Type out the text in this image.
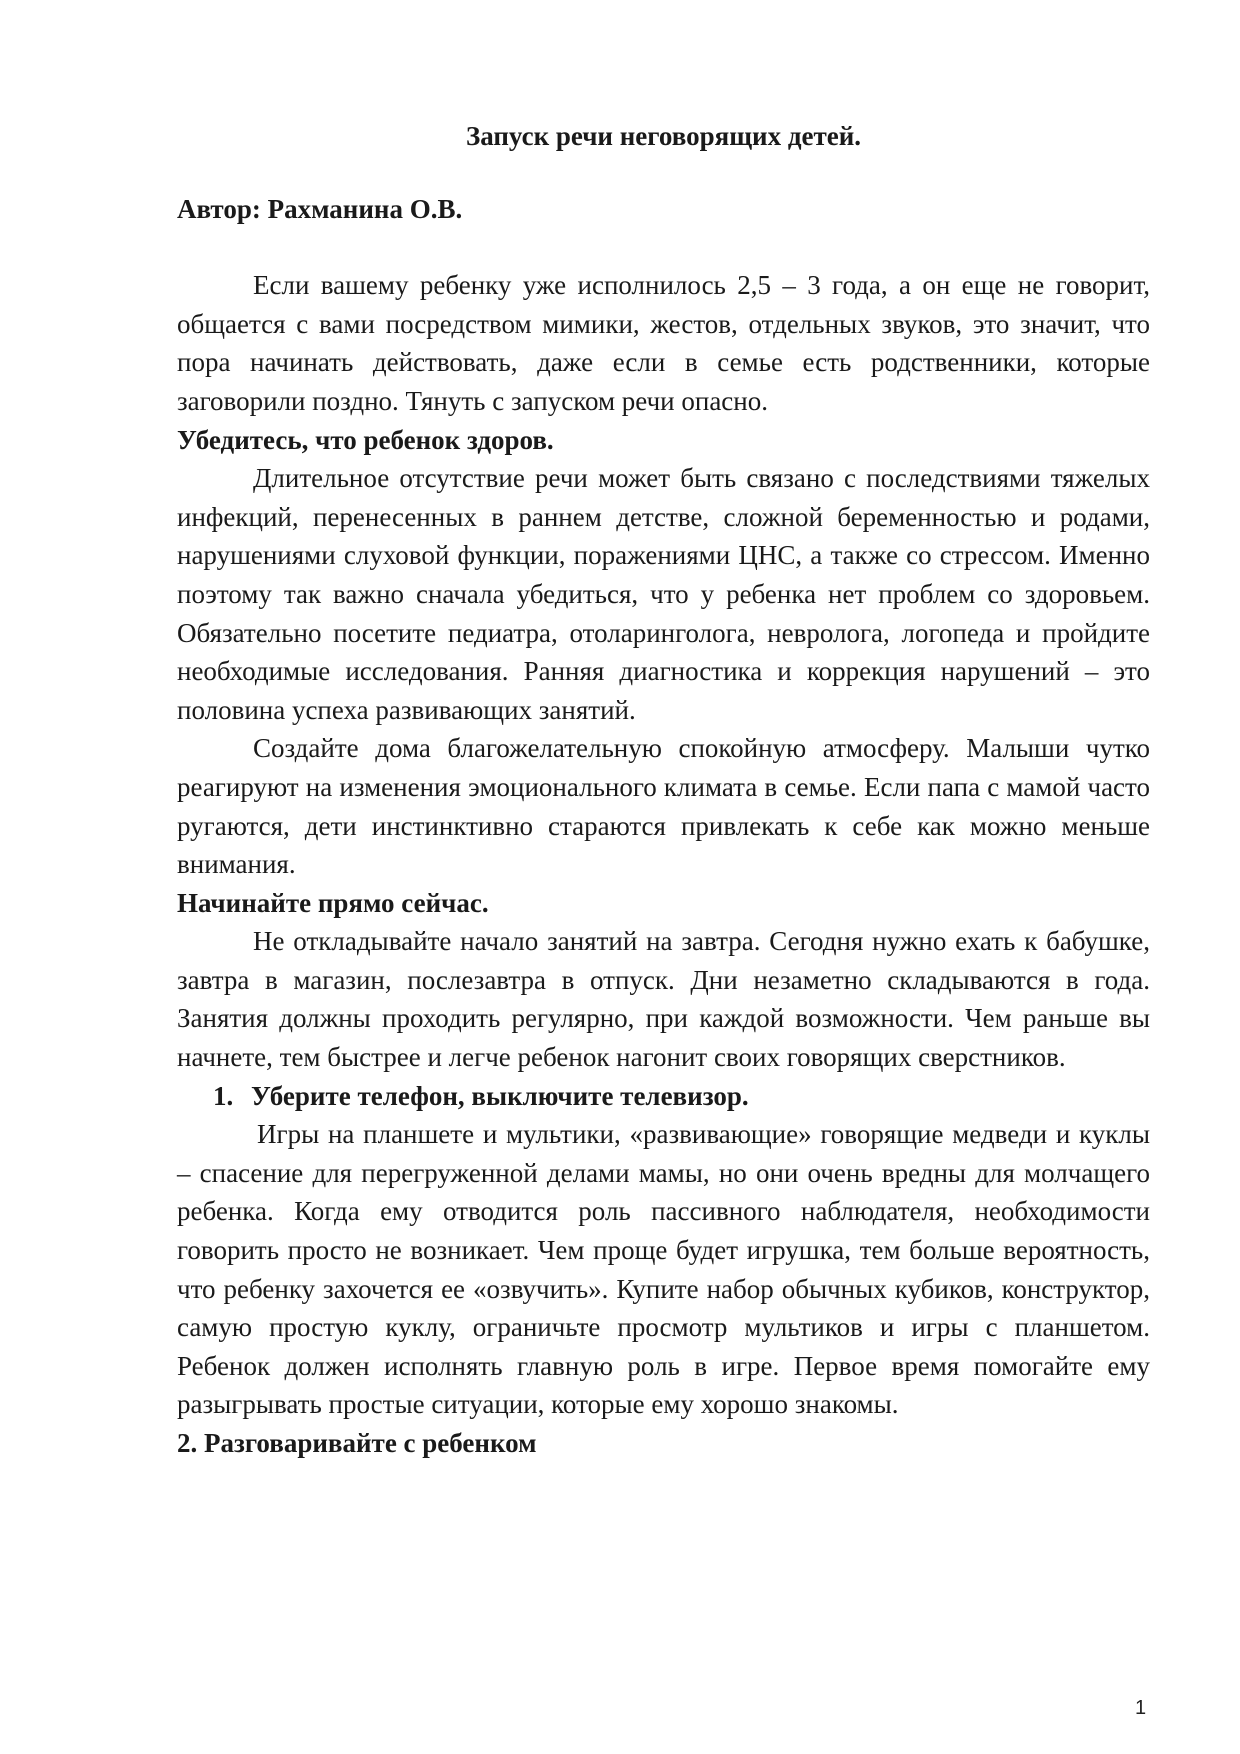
Запуск речи неговорящих детей.

Автор: Рахманина О.В.

Если вашему ребенку уже исполнилось 2,5 – 3 года, а он еще не говорит, общается с вами посредством мимики, жестов, отдельных звуков, это значит, что пора начинать действовать, даже если в семье есть родственники, которые заговорили поздно. Тянуть с запуском речи опасно.

Убедитесь, что ребенок здоров.

Длительное отсутствие речи может быть связано с последствиями тяжелых инфекций, перенесенных в раннем детстве, сложной беременностью и родами, нарушениями слуховой функции, поражениями ЦНС, а также со стрессом. Именно поэтому так важно сначала убедиться, что у ребенка нет проблем со здоровьем. Обязательно посетите педиатра, отоларинголога, невролога, логопеда и пройдите необходимые исследования. Ранняя диагностика и коррекция нарушений – это половина успеха развивающих занятий.

Создайте дома благожелательную спокойную атмосферу. Малыши чутко реагируют на изменения эмоционального климата в семье. Если папа с мамой часто ругаются, дети инстинктивно стараются привлекать к себе как можно меньше внимания.

Начинайте прямо сейчас.

Не откладывайте начало занятий на завтра. Сегодня нужно ехать к бабушке, завтра в магазин, послезавтра в отпуск. Дни незаметно складываются в года. Занятия должны проходить регулярно, при каждой возможности. Чем раньше вы начнете, тем быстрее и легче ребенок нагонит своих говорящих сверстников.

1. Уберите телефон, выключите телевизор.

Игры на планшете и мультики, «развивающие» говорящие медведи и куклы – спасение для перегруженной делами мамы, но они очень вредны для молчащего ребенка. Когда ему отводится роль пассивного наблюдателя, необходимости говорить просто не возникает. Чем проще будет игрушка, тем больше вероятность, что ребенку захочется ее «озвучить». Купите набор обычных кубиков, конструктор, самую простую куклу, ограничьте просмотр мультиков и игры с планшетом. Ребенок должен исполнять главную роль в игре. Первое время помогайте ему разыгрывать простые ситуации, которые ему хорошо знакомы.

2. Разговаривайте с ребенком

1
